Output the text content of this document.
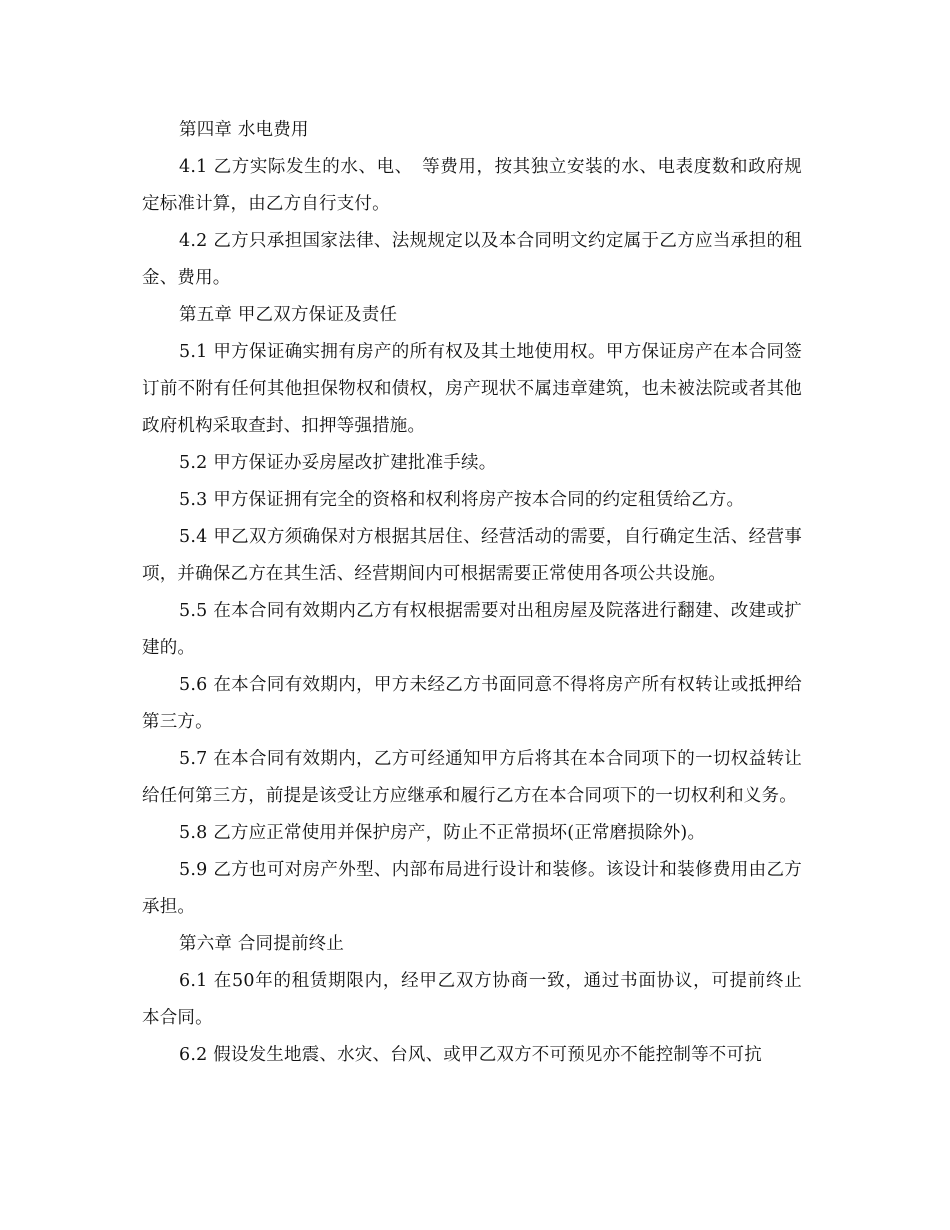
第四章 水电费用

4.1 乙方实际发生的水、电、　等费用，按其独立安装的水、电表度数和政府规定标准计算，由乙方自行支付。

4.2 乙方只承担国家法律、法规规定以及本合同明文约定属于乙方应当承担的租金、费用。

第五章 甲乙双方保证及责任

5.1 甲方保证确实拥有房产的所有权及其土地使用权。甲方保证房产在本合同签订前不附有任何其他担保物权和债权，房产现状不属违章建筑，也未被法院或者其他政府机构采取查封、扣押等强措施。

5.2 甲方保证办妥房屋改扩建批准手续。

5.3 甲方保证拥有完全的资格和权利将房产按本合同的约定租赁给乙方。

5.4 甲乙双方须确保对方根据其居住、经营活动的需要，自行确定生活、经营事项，并确保乙方在其生活、经营期间内可根据需要正常使用各项公共设施。

5.5 在本合同有效期内乙方有权根据需要对出租房屋及院落进行翻建、改建或扩建的。

5.6 在本合同有效期内，甲方未经乙方书面同意不得将房产所有权转让或抵押给第三方。

5.7 在本合同有效期内，乙方可经通知甲方后将其在本合同项下的一切权益转让给任何第三方，前提是该受让方应继承和履行乙方在本合同项下的一切权利和义务。

5.8 乙方应正常使用并保护房产，防止不正常损坏(正常磨损除外)。

5.9 乙方也可对房产外型、内部布局进行设计和装修。该设计和装修费用由乙方承担。

第六章 合同提前终止

6.1 在50年的租赁期限内，经甲乙双方协商一致，通过书面协议，可提前终止本合同。

6.2 假设发生地震、水灾、台风、或甲乙双方不可预见亦不能控制等不可抗
